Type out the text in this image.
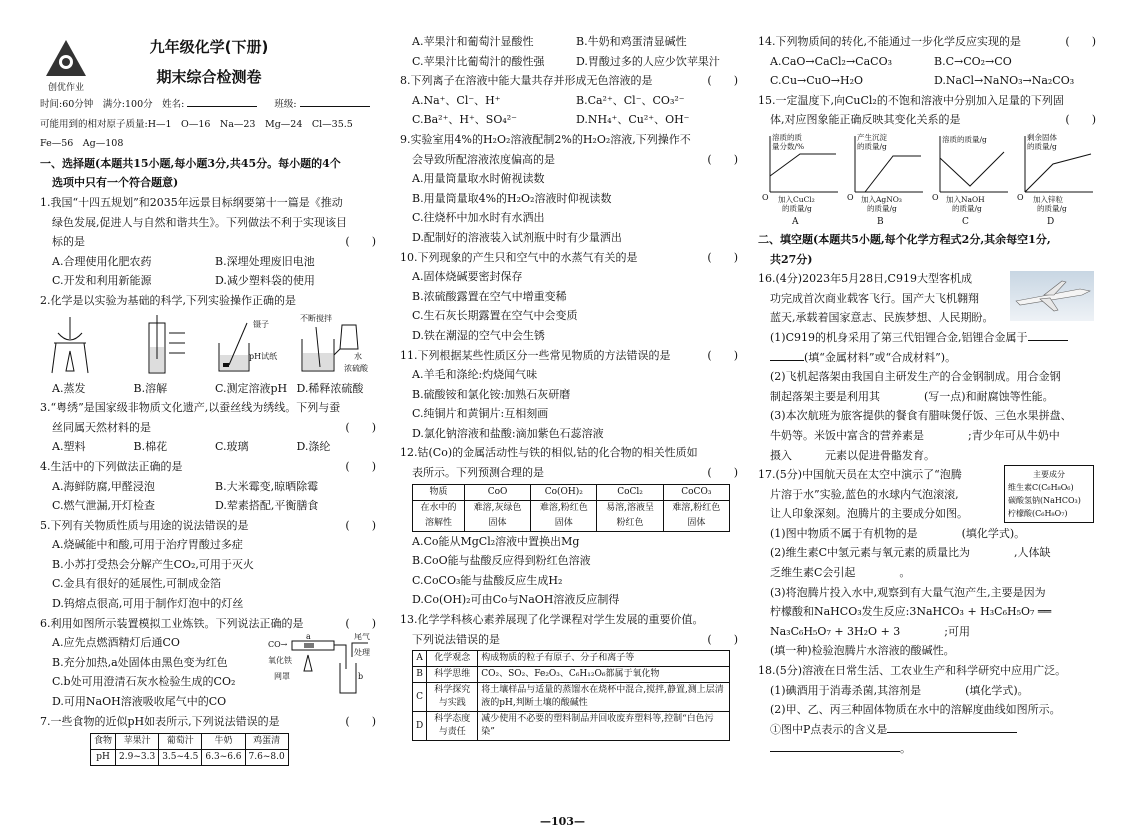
创优作业
九年级化学(下册)
期末综合检测卷
时间:60分钟　满分:100分　姓名:	班级:
可能用到的相对原子质量:H—1　O—16　Na—23　Mg—24　Cl—35.5
Fe—56　Ag—108
一、选择题(本题共15小题,每小题3分,共45分。每小题的4个
选项中只有一个符合题意)
1.我国“十四五规划”和2035年远景目标纲要第十一篇是《推动
绿色发展,促进人与自然和谐共生》。下列做法不利于实现该目
标的是	(　　)
A.合理使用化肥农药	B.深埋处理废旧电池
C.开发和利用新能源	D.减少塑料袋的使用
2.化学是以实验为基础的科学,下列实验操作正确的是
镊子
pH试纸
不断搅拌
水
浓硫酸
A.蒸发	B.溶解	C.测定溶液pH D.稀释浓硫酸
3.“粤绣”是国家级非物质文化遗产,以蚕丝线为绣线。下列与蚕
丝同属天然材料的是	(　　)
A.塑料	B.棉花	C.玻璃	D.涤纶
4.生活中的下列做法正确的是	(　　)
A.海鲜防腐,甲醛浸泡	B.大米霉变,晾晒除霉
C.燃气泄漏,开灯检查	D.荤素搭配,平衡膳食
5.下列有关物质性质与用途的说法错误的是	(　　)
A.烧碱能中和酸,可用于治疗胃酸过多症
B.小苏打受热会分解产生CO₂,可用于灭火
C.金具有很好的延展性,可制成金箔
D.钨熔点很高,可用于制作灯泡中的灯丝
6.利用如图所示装置模拟工业炼铁。下列说法正确的是	(　　)
CO→
氧化铁
网罩
a
b
尾气
处理
A.应先点燃酒精灯后通CO
B.充分加热,a处固体由黑色变为红色
C.b处可用澄清石灰水检验生成的CO₂
D.可用NaOH溶液吸收尾气中的CO
7.一些食物的近似pH如表所示,下列说法错误的是	(　　)
食物	苹果汁	葡萄汁	牛奶	鸡蛋清
pH	2.9~3.3	3.5~4.5	6.3~6.6	7.6~8.0
A.苹果汁和葡萄汁显酸性	B.牛奶和鸡蛋清显碱性
C.苹果汁比葡萄汁的酸性强	D.胃酸过多的人应少饮苹果汁
8.下列离子在溶液中能大量共存并形成无色溶液的是	(　　)
A.Na⁺、Cl⁻、H⁺	B.Ca²⁺、Cl⁻、CO₃²⁻
C.Ba²⁺、H⁺、SO₄²⁻	D.NH₄⁺、Cu²⁺、OH⁻
9.实验室用4%的H₂O₂溶液配制2%的H₂O₂溶液,下列操作不
会导致所配溶液浓度偏高的是	(　　)
A.用量筒量取水时俯视读数
B.用量筒量取4%的H₂O₂溶液时仰视读数
C.往烧杯中加水时有水洒出
D.配制好的溶液装入试剂瓶中时有少量洒出
10.下列现象的产生只和空气中的水蒸气有关的是	(　　)
A.固体烧碱要密封保存
B.浓硫酸露置在空气中增重变稀
C.生石灰长期露置在空气中会变质
D.铁在潮湿的空气中会生锈
11.下列根据某些性质区分一些常见物质的方法错误的是	(　　)
A.羊毛和涤纶:灼烧闻气味
B.硫酸铵和氯化铵:加熟石灰研磨
C.纯铜片和黄铜片:互相刻画
D.氯化钠溶液和盐酸:滴加紫色石蕊溶液
12.钴(Co)的金属活动性与铁的相似,钴的化合物的相关性质如
表所示。下列预测合理的是	(　　)
物质	CoO	Co(OH)₂	CoCl₂	CoCO₃
在水中的	难溶,灰绿色	难溶,粉红色	易溶,溶液呈	难溶,粉红色
溶解性	固体	固体	粉红色	固体
A.Co能从MgCl₂溶液中置换出Mg
B.CoO能与盐酸反应得到粉红色溶液
C.CoCO₃能与盐酸反应生成H₂
D.Co(OH)₂可由Co与NaOH溶液反应制得
13.化学学科核心素养展现了化学课程对学生发展的重要价值。
下列说法错误的是	(　　)
A	化学观念	构成物质的粒子有原子、分子和离子等
B	科学思维	CO₂、SO₂、Fe₂O₃、C₆H₁₂O₆都属于氧化物
C	科学探究与实践	将土壤样品与适量的蒸馏水在烧杯中混合,搅拌,静置,测上层清液的pH,判断土壤的酸碱性
D	科学态度与责任	减少使用不必要的塑料制品并回收废弃塑料等,控制“白色污染”
—103—
14.下列物质间的转化,不能通过一步化学反应实现的是	(　　)
A.CaO→CaCl₂→CaCO₃	B.C→CO₂→CO
C.Cu→CuO→H₂O	D.NaCl→NaNO₃→Na₂CO₃
15.一定温度下,向CuCl₂的不饱和溶液中分别加入足量的下列固
体,对应图象能正确反映其变化关系的是	(　　)
溶质的质
量分数/%
O 加入CuCl₂
的质量/g
A
产生沉淀
的质量/g
O 加入AgNO₃
的质量/g
B
溶质的质量/g
O 加入NaOH
的质量/g
C
剩余固体
的质量/g
O 加入锌粒
的质量/g
D
二、填空题(本题共5小题,每个化学方程式2分,其余每空1分,
共27分)
16.(4分)2023年5月28日,C919大型客机成
功完成首次商业载客飞行。国产大飞机翱翔
蓝天,承载着国家意志、民族梦想、人民期盼。
(1)C919的机身采用了第三代铝锂合金,铝锂合金属于
(填“金属材料”或“合成材料”)。
(2)飞机起落架由我国自主研发生产的合金钢制成。用合金钢
制起落架主要是利用其　　　　(写一点)和耐腐蚀等性能。
(3)本次航班为旅客提供的餐食有腊味煲仔饭、三色水果拼盘、
牛奶等。米饭中富含的营养素是　　　　;青少年可从牛奶中
摄入　　　元素以促进骨骼发育。
主要成分
维生素C(C₆H₈O₆)
碳酸氢钠(NaHCO₃)
柠檬酸(C₆H₈O₇)
17.(5分)中国航天员在太空中演示了“泡腾
片溶于水”实验,蓝色的水球内气泡滚滚,
让人印象深刻。泡腾片的主要成分如图。
(1)图中物质不属于有机物的是　　　　(填化学式)。
(2)维生素C中氢元素与氧元素的质量比为　　　　,人体缺
乏维生素C会引起　　　　。
(3)将泡腾片投入水中,观察到有大量气泡产生,主要是因为
柠檬酸和NaHCO₃发生反应:3NaHCO₃ + H₃C₆H₅O₇ ══
Na₃C₆H₅O₇ + 3H₂O + 3　　　　;可用
(填一种)检验泡腾片水溶液的酸碱性。
18.(5分)溶液在日常生活、工农业生产和科学研究中应用广泛。
(1)碘酒用于消毒杀菌,其溶剂是　　　　(填化学式)。
(2)甲、乙、丙三种固体物质在水中的溶解度曲线如图所示。
①图中P点表示的含义是
。
